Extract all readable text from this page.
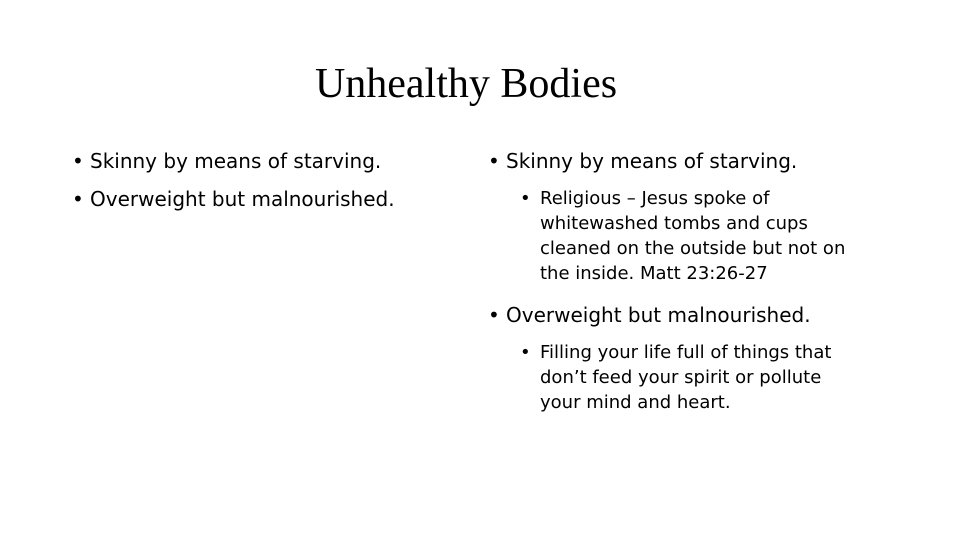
Unhealthy Bodies
• Skinny by means of starving.
• Overweight but malnourished.
• Skinny by means of starving.
• Religious – Jesus spoke of
whitewashed tombs and cups
cleaned on the outside but not on
the inside. Matt 23:26-27
• Overweight but malnourished.
• Filling your life full of things that
don’t feed your spirit or pollute
your mind and heart.
